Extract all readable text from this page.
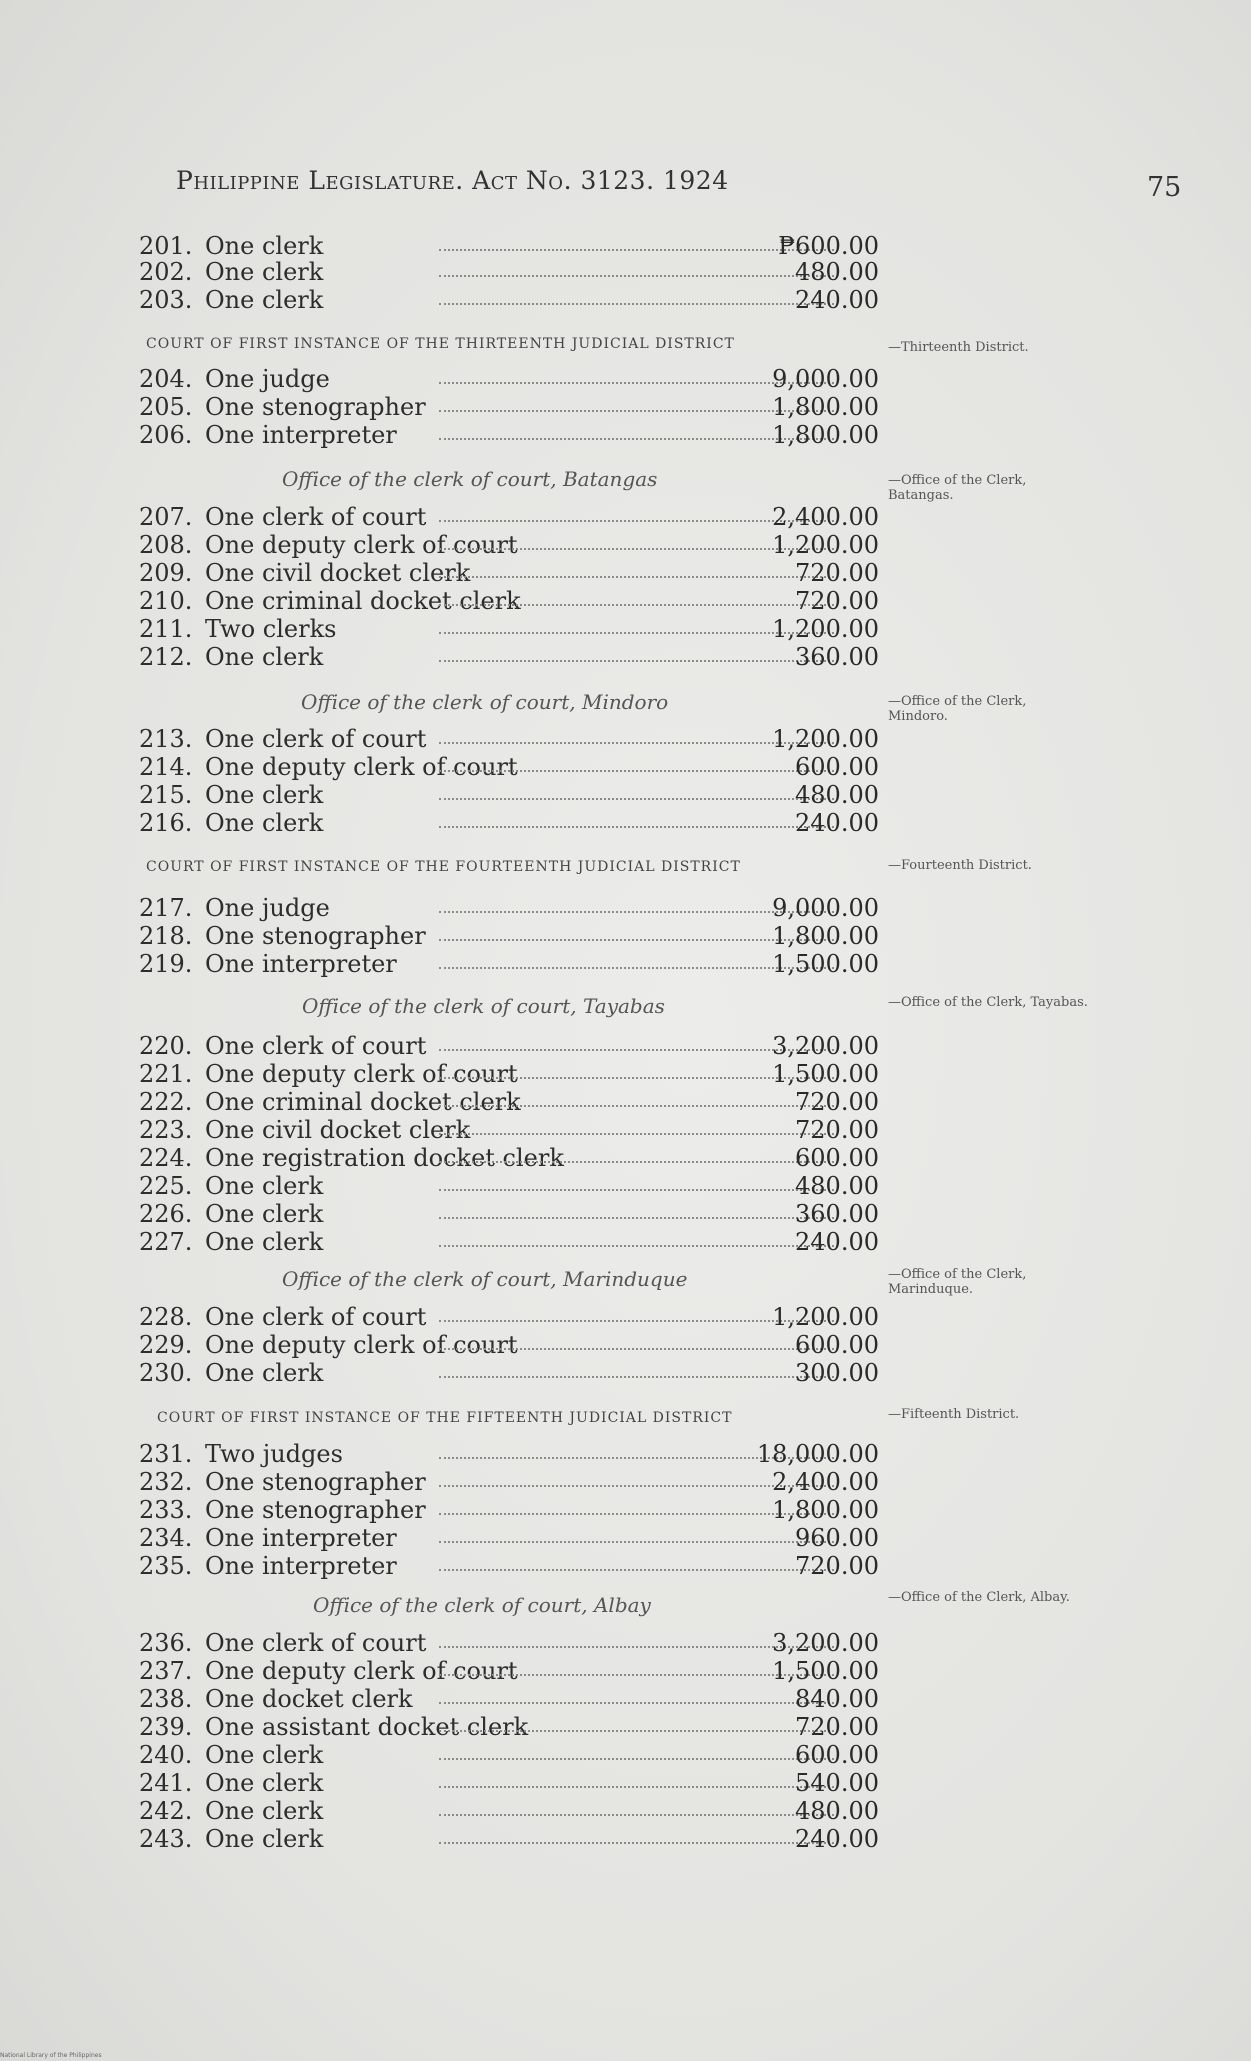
Philippine Legislature. Act No. 3123. 1924	75
201. One clerk	₱600.00
202. One clerk	480.00
203. One clerk	240.00
204. One judge	9,000.00
205. One stenographer	1,800.00
206. One interpreter	1,800.00
207. One clerk of court	2,400.00
208. One deputy clerk of court	1,200.00
209. One civil docket clerk	720.00
210. One criminal docket clerk	720.00
211. Two clerks	1,200.00
212. One clerk	360.00
213. One clerk of court	1,200.00
214. One deputy clerk of court	600.00
215. One clerk	480.00
216. One clerk	240.00
217. One judge	9,000.00
218. One stenographer	1,800.00
219. One interpreter	1,500.00
220. One clerk of court	3,200.00
221. One deputy clerk of court	1,500.00
222. One criminal docket clerk	720.00
223. One civil docket clerk	720.00
224. One registration docket clerk	600.00
225. One clerk	480.00
226. One clerk	360.00
227. One clerk	240.00
228. One clerk of court	1,200.00
229. One deputy clerk of court	600.00
230. One clerk	300.00
231. Two judges	18,000.00
232. One stenographer	2,400.00
233. One stenographer	1,800.00
234. One interpreter	960.00
235. One interpreter	720.00
236. One clerk of court	3,200.00
237. One deputy clerk of court	1,500.00
238. One docket clerk	840.00
239. One assistant docket clerk	720.00
240. One clerk	600.00
241. One clerk	540.00
242. One clerk	480.00
243. One clerk	240.00
COURT OF FIRST INSTANCE OF THE THIRTEENTH JUDICIAL DISTRICT
COURT OF FIRST INSTANCE OF THE FOURTEENTH JUDICIAL DISTRICT
COURT OF FIRST INSTANCE OF THE FIFTEENTH JUDICIAL DISTRICT
Office of the clerk of court, Batangas
Office of the clerk of court, Mindoro
Office of the clerk of court, Tayabas
Office of the clerk of court, Marinduque
Office of the clerk of court, Albay
—Thirteenth District.
—Office of the Clerk, Batangas.
—Office of the Clerk, Mindoro.
—Fourteenth District.
—Office of the Clerk, Tayabas.
—Office of the Clerk, Marinduque.
—Fifteenth District.
—Office of the Clerk, Albay.
National Library of the Philippines
